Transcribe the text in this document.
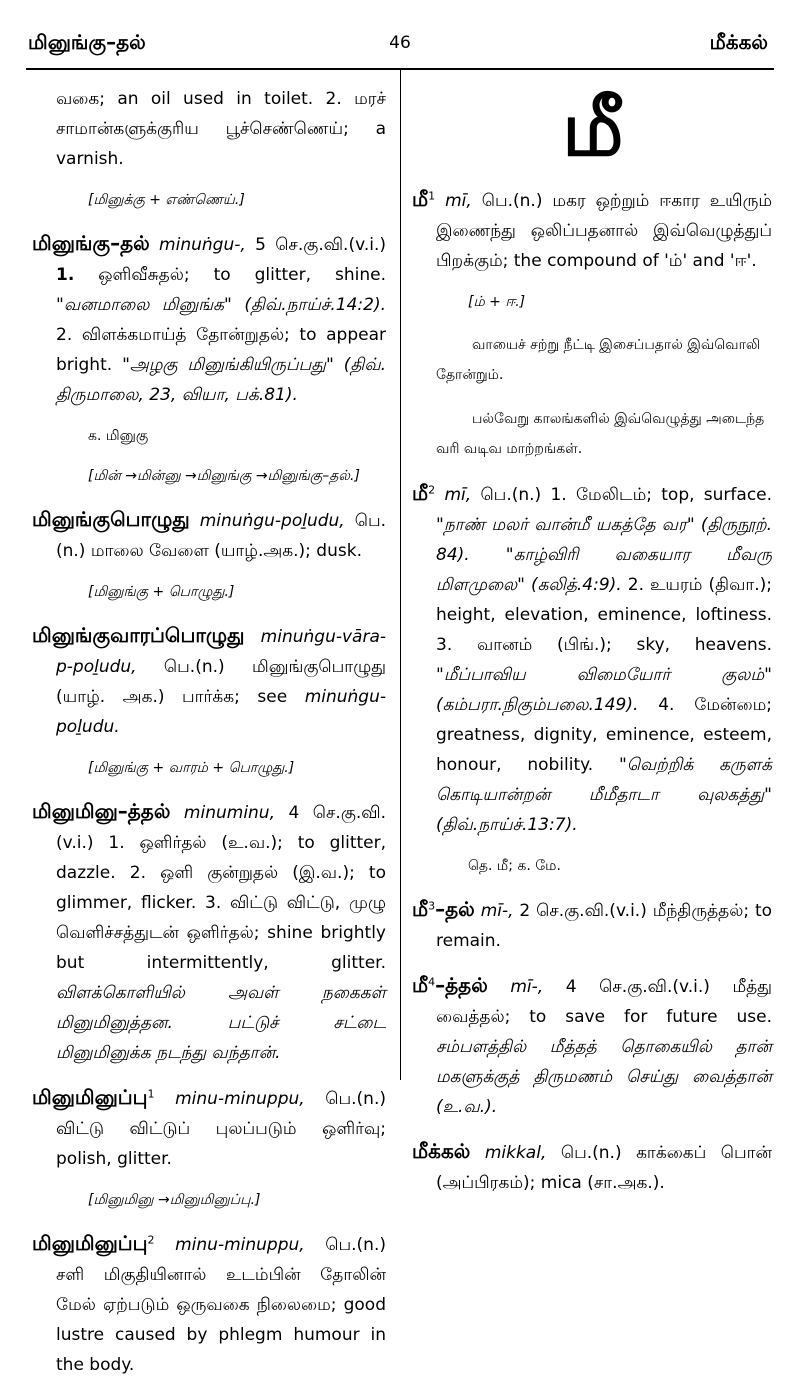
மினுங்கு–தல்	46	மீக்கல்
வகை; an oil used in toilet. 2. மரச் சாமான்களுக்குரிய பூச்செண்ணெய்; a varnish.
[மினுக்கு + எண்ணெய்.]
மினுங்கு–தல் minuṅgu-, 5 செ.கு.வி.(v.i.) 1. ஒளிவீசுதல்; to glitter, shine. "வனமாலை மினுங்க" (திவ்.நாய்ச்.14:2). 2. விளக்கமாய்த் தோன்றுதல்; to appear bright. "அழகு மினுங்கியிருப்பது" (திவ். திருமாலை, 23, வியா, பக்.81).
க. மினுகு
[மின் →மின்னு →மினுங்கு →மினுங்கு–தல்.]
மினுங்குபொழுது minuṅgu-poḻudu, பெ.(n.) மாலை வேளை (யாழ்.அக.); dusk.
[மினுங்கு + பொழுது.]
மினுங்குவாரப்பொழுது minuṅgu-vāra-p-poḻudu, பெ.(n.) மினுங்குபொழுது (யாழ். அக.) பார்க்க; see minuṅgu-poḻudu.
[மினுங்கு + வாரம் + பொழுது.]
மினுமினு–த்தல் minuminu, 4 செ.கு.வி. (v.i.) 1. ஒளிர்தல் (உ.வ.); to glitter, dazzle. 2. ஒளி குன்றுதல் (இ.வ.); to glimmer, flicker. 3. விட்டு விட்டு, முழு வெளிச்சத்துடன் ஒளிர்தல்; shine brightly but intermittently, glitter. விளக்கொளியில் அவள் நகைகள் மினுமினுத்தன. பட்டுச் சட்டை மினுமினுக்க நடந்து வந்தான்.
மினுமினுப்பு$^1$ minu-minuppu, பெ.(n.) விட்டு விட்டுப் புலப்படும் ஒளிர்வு; polish, glitter.
[மினுமினு →மினுமினுப்பு.]
மினுமினுப்பு$^2$ minu-minuppu, பெ.(n.) சளி மிகுதியினால் உடம்பின் தோலின் மேல் ஏற்படும் ஒருவகை நிலைமை; good lustre caused by phlegm humour in the body.
மீ
மீ$^1$ mī, பெ.(n.) மகர ஒற்றும் ஈகார உயிரும் இணைந்து ஒலிப்பதனால் இவ்வெழுத்துப் பிறக்கும்; the compound of 'ம்' and 'ஈ'.
[ம் + ஈ.]
வாயைச் சற்று நீட்டி இசைப்பதால் இவ்வொலி தோன்றும்.
பல்வேறு காலங்களில் இவ்வெழுத்து அடைந்த வரி வடிவ மாற்றங்கள்.
மீ$^2$ mī, பெ.(n.) 1. மேலிடம்; top, surface. "நாண் மலர் வான்மீ யகத்தே வர" (திருநூற். 84). "காழ்விரி வகையார மீவரு மிளமுலை" (கலித்.4:9). 2. உயரம் (திவா.); height, elevation, eminence, loftiness. 3. வானம் (பிங்.); sky, heavens. "மீப்பாவிய விமையோர் குலம்" (கம்பரா.நிகும்பலை.149). 4. மேன்மை; greatness, dignity, eminence, esteem, honour, nobility. "வெற்றிக் கருளக் கொடியான்றன் மீமீதாடா வுலகத்து" (திவ்.நாய்ச்.13:7).
தெ. மீ; க. மே.
மீ$^3$–தல் mī-, 2 செ.கு.வி.(v.i.) மீந்திருத்தல்; to remain.
மீ$^4$–த்தல் mī-, 4 செ.கு.வி.(v.i.) மீத்து வைத்தல்; to save for future use. சம்பளத்தில் மீத்தத் தொகையில் தான் மகளுக்குத் திருமணம் செய்து வைத்தான் (உ.வ.).
மீக்கல் mikkal, பெ.(n.) காக்கைப் பொன் (அப்பிரகம்); mica (சா.அக.).
